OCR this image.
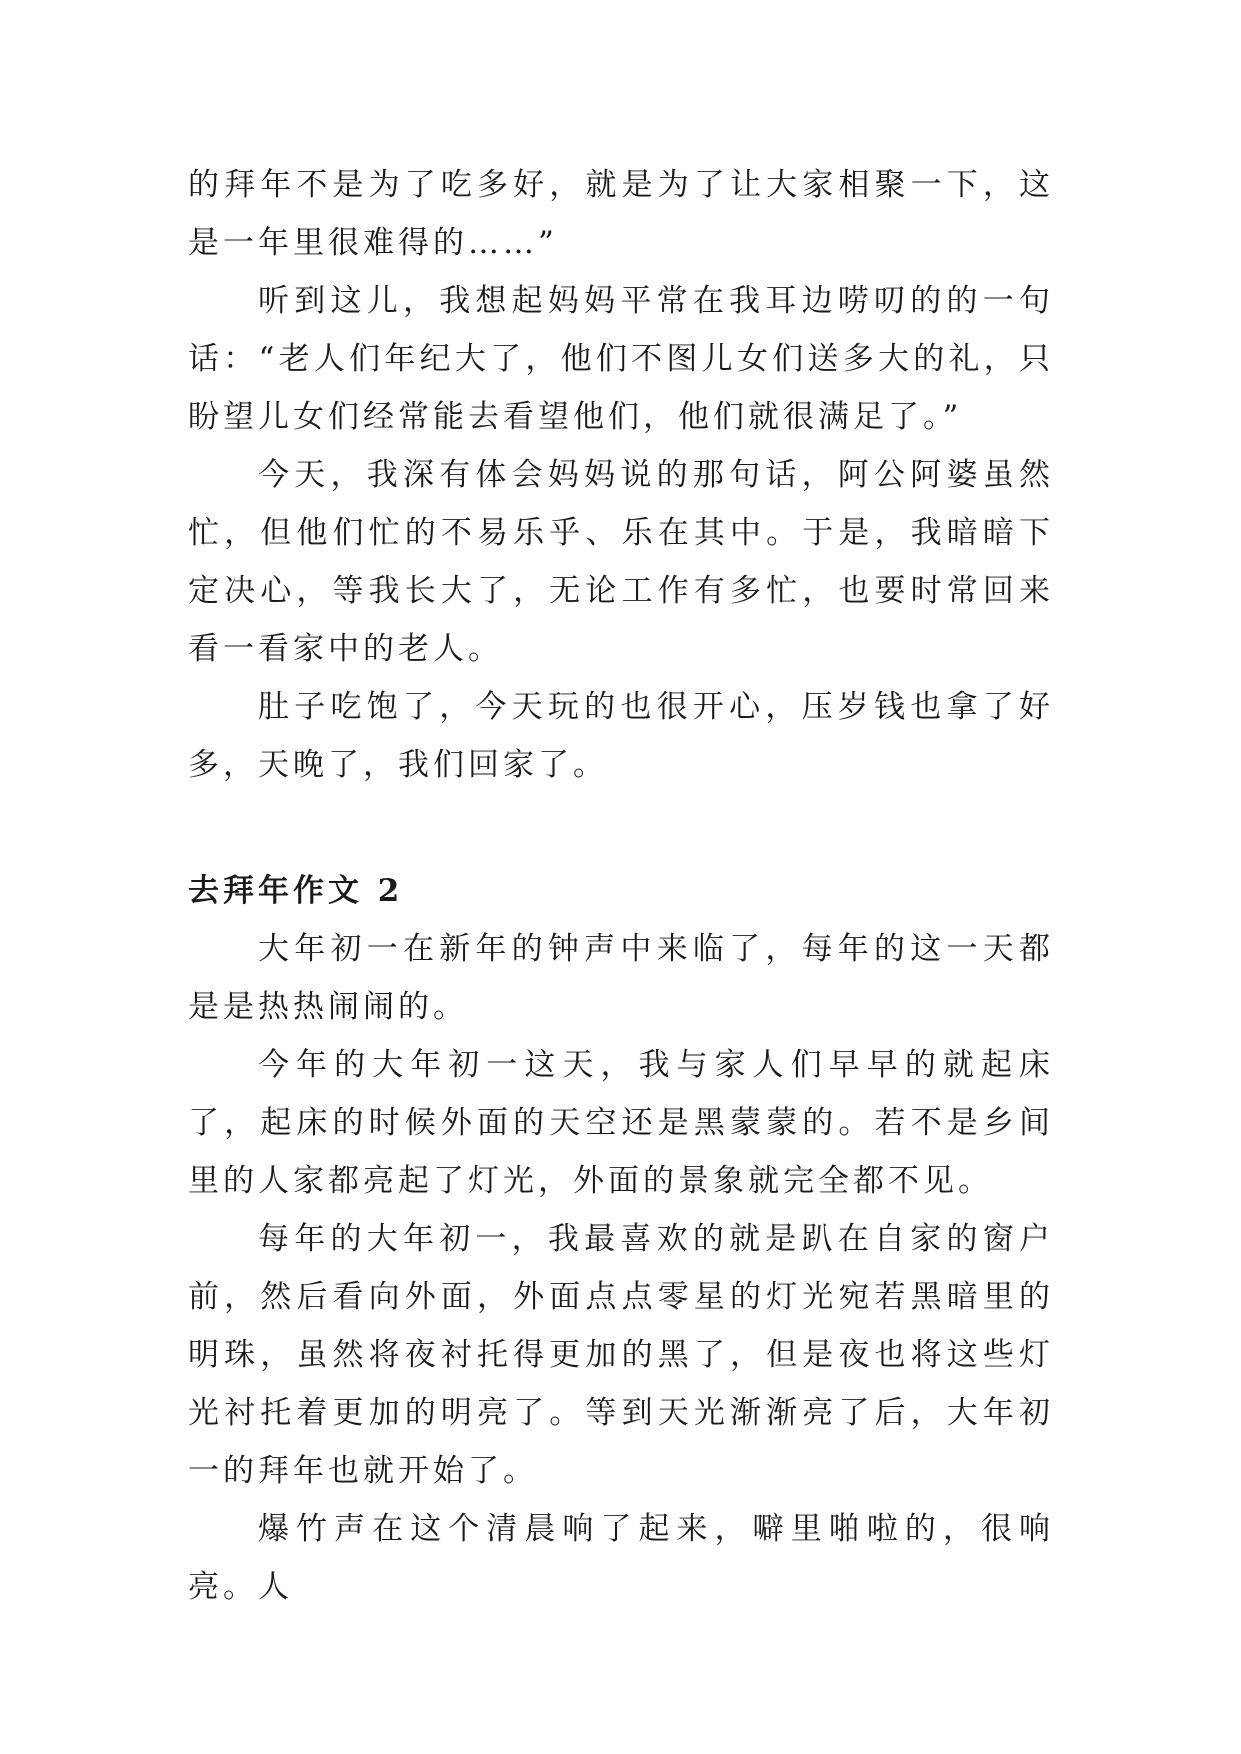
的拜年不是为了吃多好，就是为了让大家相聚一下，这是一年里很难得的……”

听到这儿，我想起妈妈平常在我耳边唠叨的的一句话：“老人们年纪大了，他们不图儿女们送多大的礼，只盼望儿女们经常能去看望他们，他们就很满足了。”

今天，我深有体会妈妈说的那句话，阿公阿婆虽然忙，但他们忙的不易乐乎、乐在其中。于是，我暗暗下定决心，等我长大了，无论工作有多忙，也要时常回来看一看家中的老人。

肚子吃饱了，今天玩的也很开心，压岁钱也拿了好多，天晚了，我们回家了。

去拜年作文 2

大年初一在新年的钟声中来临了，每年的这一天都是是热热闹闹的。

今年的大年初一这天，我与家人们早早的就起床了，起床的时候外面的天空还是黑蒙蒙的。若不是乡间里的人家都亮起了灯光，外面的景象就完全都不见。

每年的大年初一，我最喜欢的就是趴在自家的窗户前，然后看向外面，外面点点零星的灯光宛若黑暗里的明珠，虽然将夜衬托得更加的黑了，但是夜也将这些灯光衬托着更加的明亮了。等到天光渐渐亮了后，大年初一的拜年也就开始了。

爆竹声在这个清晨响了起来，噼里啪啦的，很响亮。人
